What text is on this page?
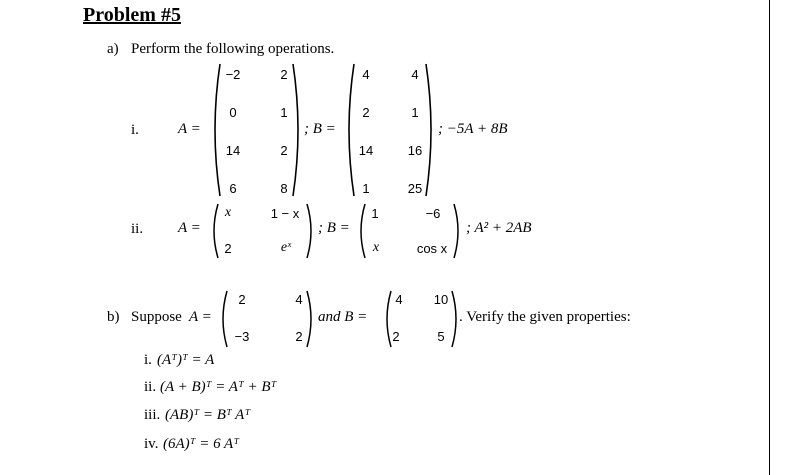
Problem #5
a) Perform the following operations.
i.	A =
−2	2
0	1
14	2
6	8
; B =
4	4
2	1
14	16
1	25
; −5A + 8B
ii. A =
x	1 − x
2	eˣ
; B =
1	−6
x	cos x
; A² + 2AB
b) Suppose A =
2	4
−3	2
and B =
4	10
2	5
. Verify the given properties:
i. (Aᵀ)ᵀ = A
ii. (A + B)ᵀ = Aᵀ + Bᵀ
iii. (AB)ᵀ = Bᵀ Aᵀ
iv. (6A)ᵀ = 6 Aᵀ
